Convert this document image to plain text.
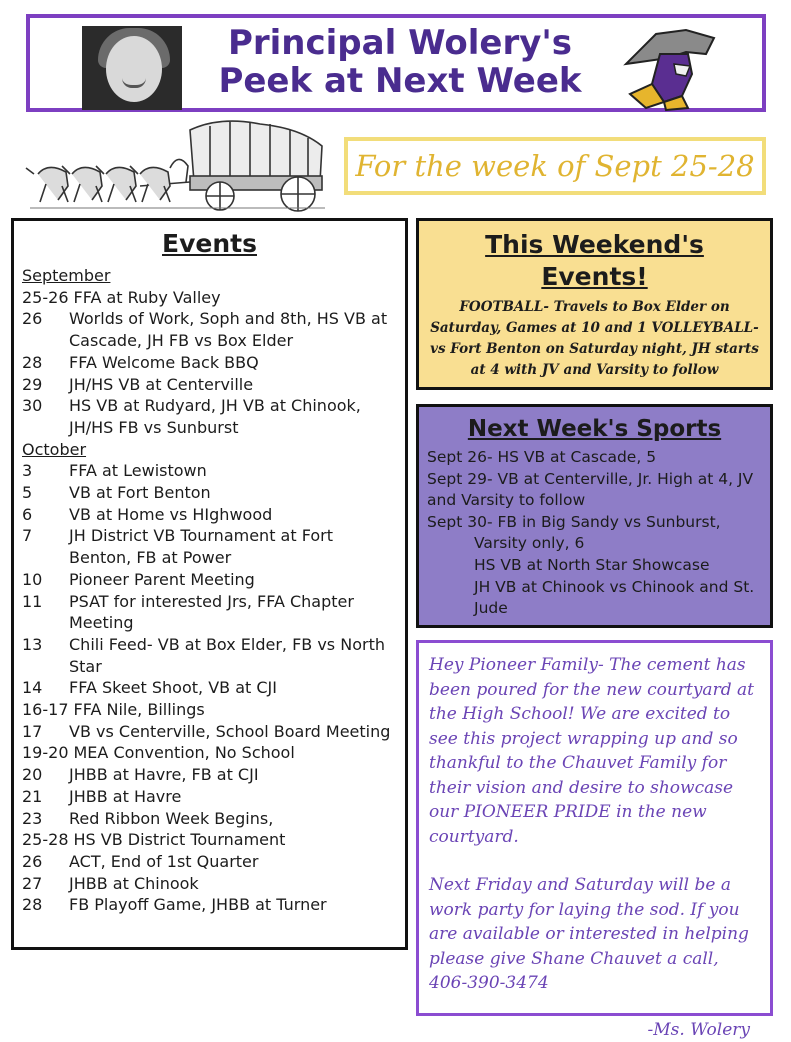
Principal Wolery's
Peek at Next Week
For the week of Sept 25-28
Events
September
25-26 FFA at Ruby Valley
26	Worlds of Work, Soph and 8th, HS VB at Cascade, JH FB vs Box Elder
28	FFA Welcome Back BBQ
29	JH/HS VB at Centerville
30	HS VB at Rudyard, JH VB at Chinook, JH/HS FB vs Sunburst
October
3	FFA at Lewistown
5	VB at Fort Benton
6	VB at Home vs HIghwood
7	JH District VB Tournament at Fort Benton, FB at Power
10	Pioneer Parent Meeting
11	PSAT for interested Jrs, FFA Chapter Meeting
13	Chili Feed- VB at Box Elder, FB vs North Star
14	FFA Skeet Shoot, VB at CJI
16-17 FFA Nile, Billings
17	VB vs Centerville, School Board Meeting
19-20 MEA Convention, No School
20	JHBB at Havre, FB at CJI
21	JHBB at Havre
23	Red Ribbon Week Begins,
25-28 HS VB District Tournament
26	ACT, End of 1st Quarter
27	JHBB at Chinook
28	FB Playoff Game, JHBB at Turner
This Weekend's Events!
FOOTBALL- Travels to Box Elder on Saturday, Games at 10 and 1 VOLLEYBALL- vs Fort Benton on Saturday night, JH starts at 4 with JV and Varsity to follow
Next Week's Sports
Sept 26- HS VB at Cascade, 5
Sept 29- VB at Centerville, Jr. High at 4, JV and Varsity to follow
Sept 30- FB in Big Sandy vs Sunburst,
Varsity only, 6
HS VB at North Star Showcase
JH VB at Chinook vs Chinook and St. Jude

Hey Pioneer Family- The cement has been poured for the new courtyard at the High School! We are excited to see this project wrapping up and so thankful to the Chauvet Family for their vision and desire to showcase our PIONEER PRIDE in the new courtyard.

Next Friday and Saturday will be a work party for laying the sod. If you are available or interested in helping please give Shane Chauvet a call, 406-390-3474

-Ms. Wolery
